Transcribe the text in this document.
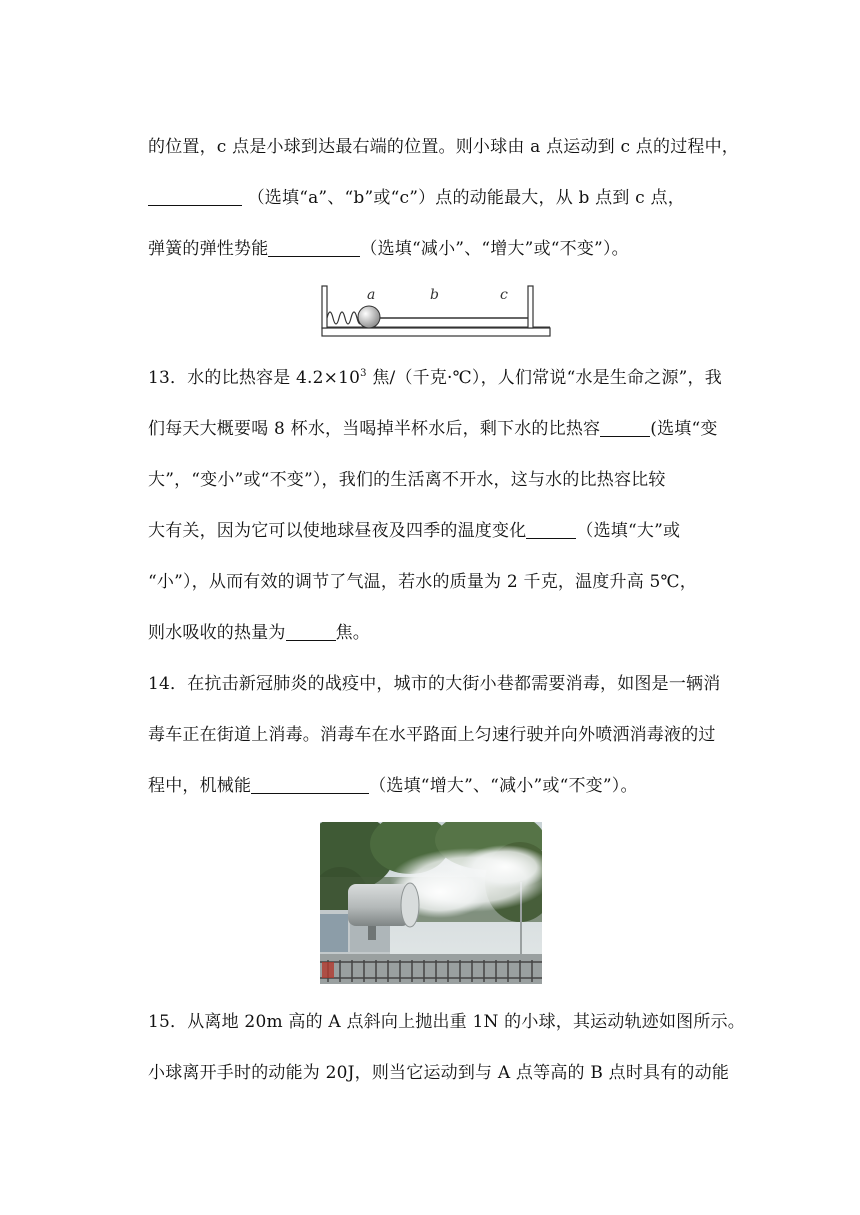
的位置，c 点是小球到达最右端的位置。则小球由 a 点运动到 c 点的过程中，
（选填“a”、“b”或“c”）点的动能最大，从 b 点到 c 点，
弹簧的弹性势能	（选填“减小”、“增大”或“不变”）。
a	b	c
13．水的比热容是 $4.2\times 10^3$ 焦/（千克·℃），人们常说“水是生命之源”，我
们每天大概要喝 8 杯水，当喝掉半杯水后，剩下水的比热容	(选填“变
大”，“变小”或“不变”），我们的生活离不开水，这与水的比热容比较
大有关，因为它可以使地球昼夜及四季的温度变化	（选填“大”或
“小”），从而有效的调节了气温，若水的质量为 2 千克，温度升高 5℃，
则水吸收的热量为	焦。
14．在抗击新冠肺炎的战疫中，城市的大街小巷都需要消毒，如图是一辆消
毒车正在街道上消毒。消毒车在水平路面上匀速行驶并向外喷洒消毒液的过
程中，机械能	（选填“增大”、“减小”或“不变”）。
15．从离地 20m 高的 A 点斜向上抛出重 1N 的小球，其运动轨迹如图所示。
小球离开手时的动能为 20J，则当它运动到与 A 点等高的 B 点时具有的动能
